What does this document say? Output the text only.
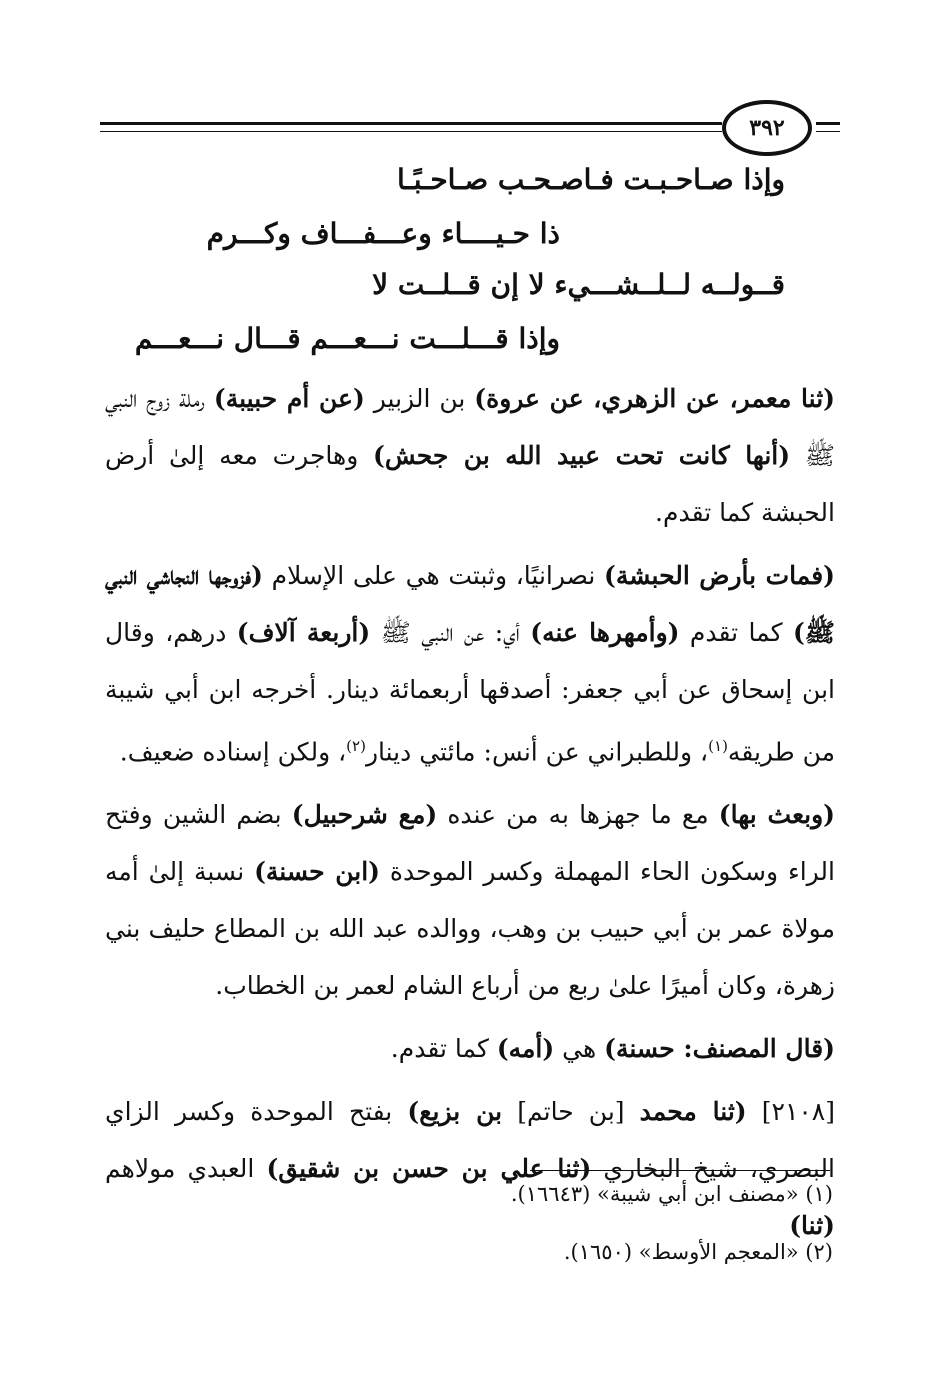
٣٩٢
وإذا صـاحـبـت فـاصـحـب صـاحـبًـا
ذا حـيــــاء وعـــفـــاف وكـــرم
قــولــه لــلــشـــيء لا إن قــلــت لا
وإذا قـــلـــت نـــعـــم قـــال نـــعـــم

(ثنا معمر، عن الزهري، عن عروة) بن الزبير (عن أم حبيبة) رملة زوج النبي ﷺ (أنها كانت تحت عبيد الله بن جحش) وهاجرت معه إلىٰ أرض الحبشة كما تقدم.

(فمات بأرض الحبشة) نصرانيًا، وثبتت هي على الإسلام (فزوجها النجاشي النبي ﷺ) كما تقدم (وأمهرها عنه) أي: عن النبي ﷺ (أربعة آلاف) درهم، وقال ابن إسحاق عن أبي جعفر: أصدقها أربعمائة دينار. أخرجه ابن أبي شيبة من طريقه$^{(١)}$، وللطبراني عن أنس: مائتي دينار$^{(٢)}$، ولكن إسناده ضعيف.

(وبعث بها) مع ما جهزها به من عنده (مع شرحبيل) بضم الشين وفتح الراء وسكون الحاء المهملة وكسر الموحدة (ابن حسنة) نسبة إلىٰ أمه مولاة عمر بن أبي حبيب بن وهب، ووالده عبد الله بن المطاع حليف بني زهرة، وكان أميرًا علىٰ ربع من أرباع الشام لعمر بن الخطاب.

(قال المصنف: حسنة) هي (أمه) كما تقدم.

[٢١٠٨] (ثنا محمد [بن حاتم] بن بزيع) بفتح الموحدة وكسر الزاي البصري، شيخ البخاري (ثنا علي بن حسن بن شقيق) العبدي مولاهم (ثنا)

(١) «مصنف ابن أبي شيبة» (١٦٦٤٣).
(٢) «المعجم الأوسط» (١٦٥٠).
